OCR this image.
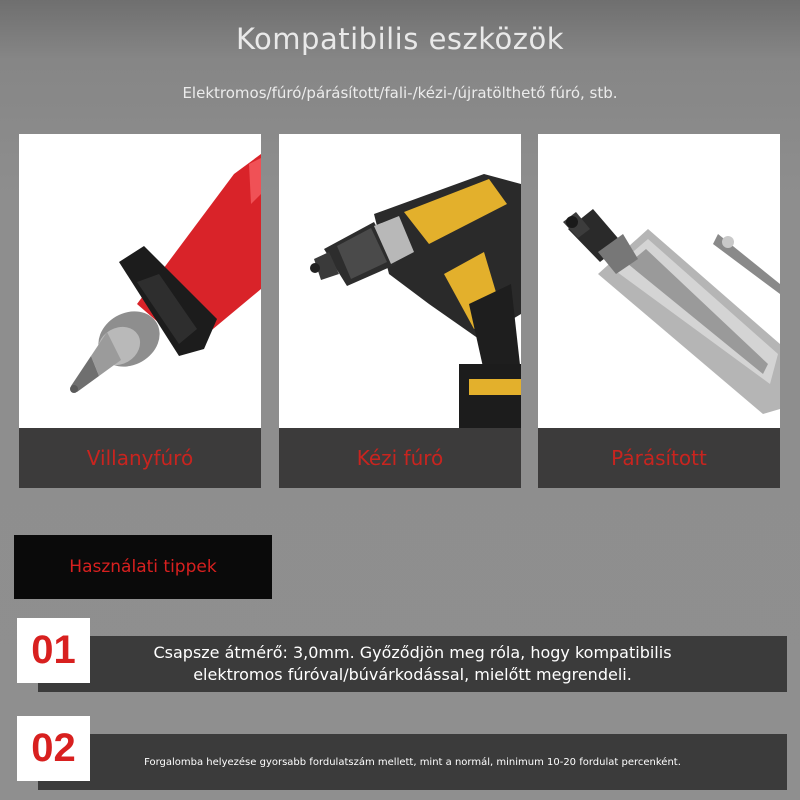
Kompatibilis eszközök
Elektromos/fúró/párásított/fali-/kézi-/újratölthető fúró, stb.
Villanyfúró	Kézi fúró	Párásított
Használati tippek
Csapsze átmérő: 3,0mm. Győződjön meg róla, hogy kompatibilis elektromos fúróval/búvárkodással, mielőtt megrendeli.
01
Forgalomba helyezése gyorsabb fordulatszám mellett, mint a normál, minimum 10-20 fordulat percenként.
02
